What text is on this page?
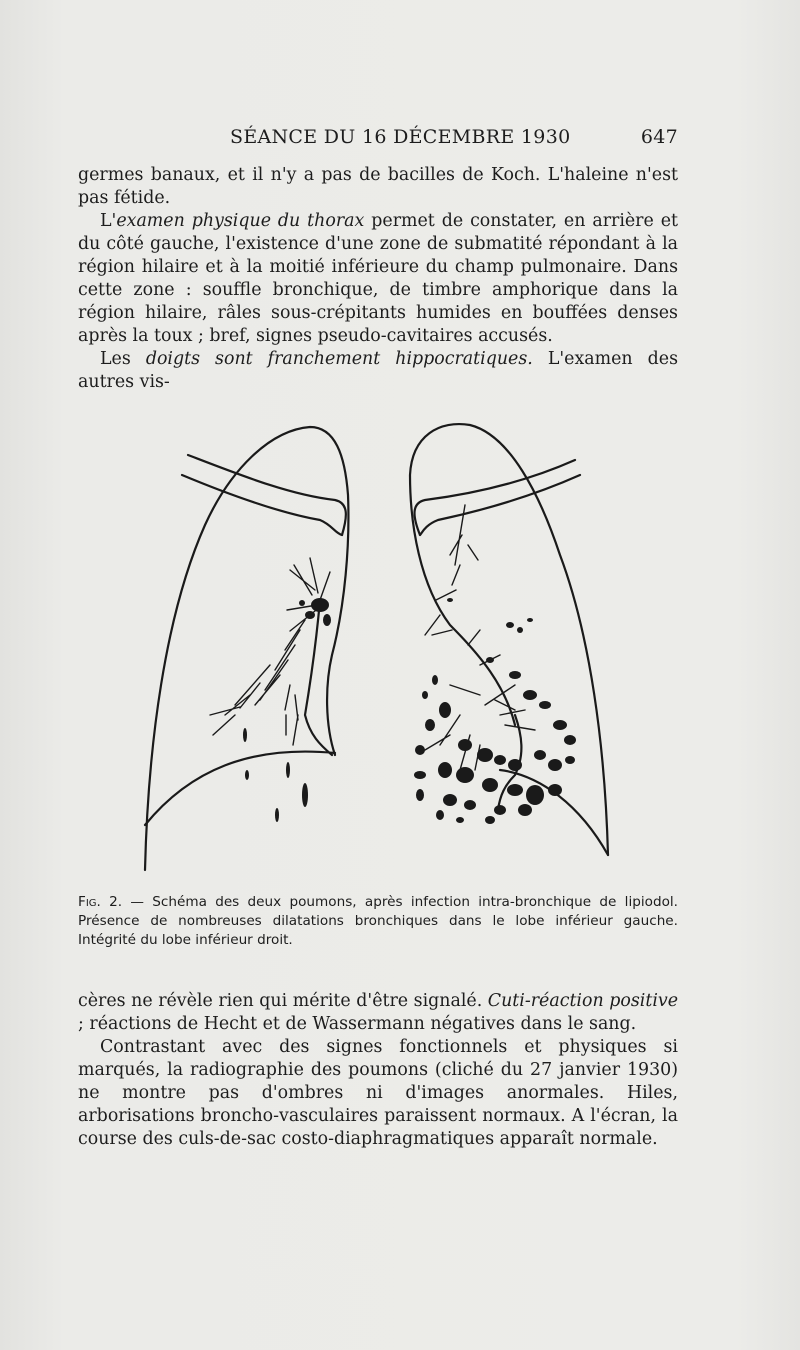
SÉANCE DU 16 DÉCEMBRE 1930	647

germes banaux, et il n'y a pas de bacilles de Koch. L'haleine n'est pas fétide.

L'examen physique du thorax permet de constater, en arrière et du côté gauche, l'existence d'une zone de submatité répondant à la région hilaire et à la moitié inférieure du champ pulmonaire. Dans cette zone : souffle bronchique, de timbre amphorique dans la région hilaire, râles sous-crépitants humides en bouffées denses après la toux ; bref, signes pseudo-cavitaires accusés.

Les doigts sont franchement hippocratiques. L'examen des autres vis-

Fig. 2. — Schéma des deux poumons, après infection intra-bronchique de lipiodol. Présence de nombreuses dilatations bronchiques dans le lobe inférieur gauche. Intégrité du lobe inférieur droit.

cères ne révèle rien qui mérite d'être signalé. Cuti-réaction positive ; réactions de Hecht et de Wassermann négatives dans le sang.

Contrastant avec des signes fonctionnels et physiques si marqués, la radiographie des poumons (cliché du 27 janvier 1930) ne montre pas d'ombres ni d'images anormales. Hiles, arborisations broncho-vasculaires paraissent normaux. A l'écran, la course des culs-de-sac costo-diaphragmatiques apparaît normale.
